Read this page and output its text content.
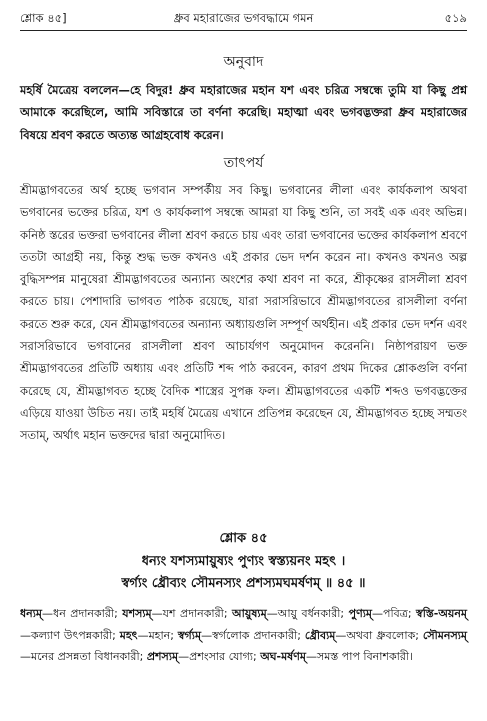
শ্লোক ৪৫]	ধ্রুব মহারাজের ভগবদ্ধামে গমন	৫১৯
অনুবাদ
মহর্ষি মৈত্রেয় বললেন—হে বিদুর! ধ্রুব মহারাজের মহান যশ এবং চরিত্র সম্বন্ধে তুমি যা কিছু প্রশ্ন আমাকে করেছিলে, আমি সবিস্তারে তা বর্ণনা করেছি। মহাত্মা এবং ভগবদ্ভক্তরা ধ্রুব মহারাজের বিষয়ে শ্রবণ করতে অত্যন্ত আগ্রহবোধ করেন।
তাৎপর্য
শ্রীমদ্ভাগবতের অর্থ হচ্ছে ভগবান সম্পর্কীয় সব কিছু। ভগবানের লীলা এবং কার্যকলাপ অথবা ভগবানের ভক্তের চরিত্র, যশ ও কার্যকলাপ সম্বন্ধে আমরা যা কিছু শুনি, তা সবই এক এবং অভিন্ন। কনিষ্ঠ স্তরের ভক্তরা ভগবানের লীলা শ্রবণ করতে চায় এবং তারা ভগবানের ভক্তের কার্যকলাপ শ্রবণে ততটা আগ্রহী নয়, কিন্তু শুদ্ধ ভক্ত কখনও এই প্রকার ভেদ দর্শন করেন না। কখনও কখনও অল্প বুদ্ধিসম্পন্ন মানুষেরা শ্রীমদ্ভাগবতের অন্যান্য অংশের কথা শ্রবণ না করে, শ্রীকৃষ্ণের রাসলীলা শ্রবণ করতে চায়। পেশাদারি ভাগবত পাঠক রয়েছে, যারা সরাসরিভাবে শ্রীমদ্ভাগবতের রাসলীলা বর্ণনা করতে শুরু করে, যেন শ্রীমদ্ভাগবতের অন্যান্য অধ্যায়গুলি সম্পূর্ণ অর্থহীন। এই প্রকার ভেদ দর্শন এবং সরাসরিভাবে ভগবানের রাসলীলা শ্রবণ আচার্যগণ অনুমোদন করেননি। নিষ্ঠাপরায়ণ ভক্ত শ্রীমদ্ভাগবতের প্রতিটি অধ্যায় এবং প্রতিটি শব্দ পাঠ করবেন, কারণ প্রথম দিকের শ্লোকগুলি বর্ণনা করেছে যে, শ্রীমদ্ভাগবত হচ্ছে বৈদিক শাস্ত্রের সুপক্ক ফল। শ্রীমদ্ভাগবতের একটি শব্দও ভগবদ্ভক্তের এড়িয়ে যাওয়া উচিত নয়। তাই মহর্ষি মৈত্রেয় এখানে প্রতিপন্ন করেছেন যে, শ্রীমদ্ভাগবত হচ্ছে সম্মতং সতাম্, অর্থাৎ মহান ভক্তদের দ্বারা অনুমোদিত।
শ্লোক ৪৫
ধন্যং যশস্যমায়ুষ্যং পুণ্যং স্বস্ত্যয়নং মহৎ ।
স্বর্গ্যং ধ্রৌব্যং সৌমনস্যং প্রশস্যমঘমর্ষণম্ ॥ ৪৫ ॥
ধন্যম্—ধন প্রদানকারী; যশস্যম্—যশ প্রদানকারী; আয়ুষ্যম্—আয়ু বর্ধনকারী; পুণ্যম্—পবিত্র; স্বস্তি-অয়নম্—কল্যাণ উৎপন্নকারী; মহৎ—মহান; স্বর্গ্যম্—স্বর্গলোক প্রদানকারী; ধ্রৌব্যম্—অথবা ধ্রুবলোক; সৌমনস্যম্—মনের প্রসন্নতা বিধানকারী; প্রশস্যম্—প্রশংসার যোগ্য; অঘ-মর্ষণম্—সমস্ত পাপ বিনাশকারী।
